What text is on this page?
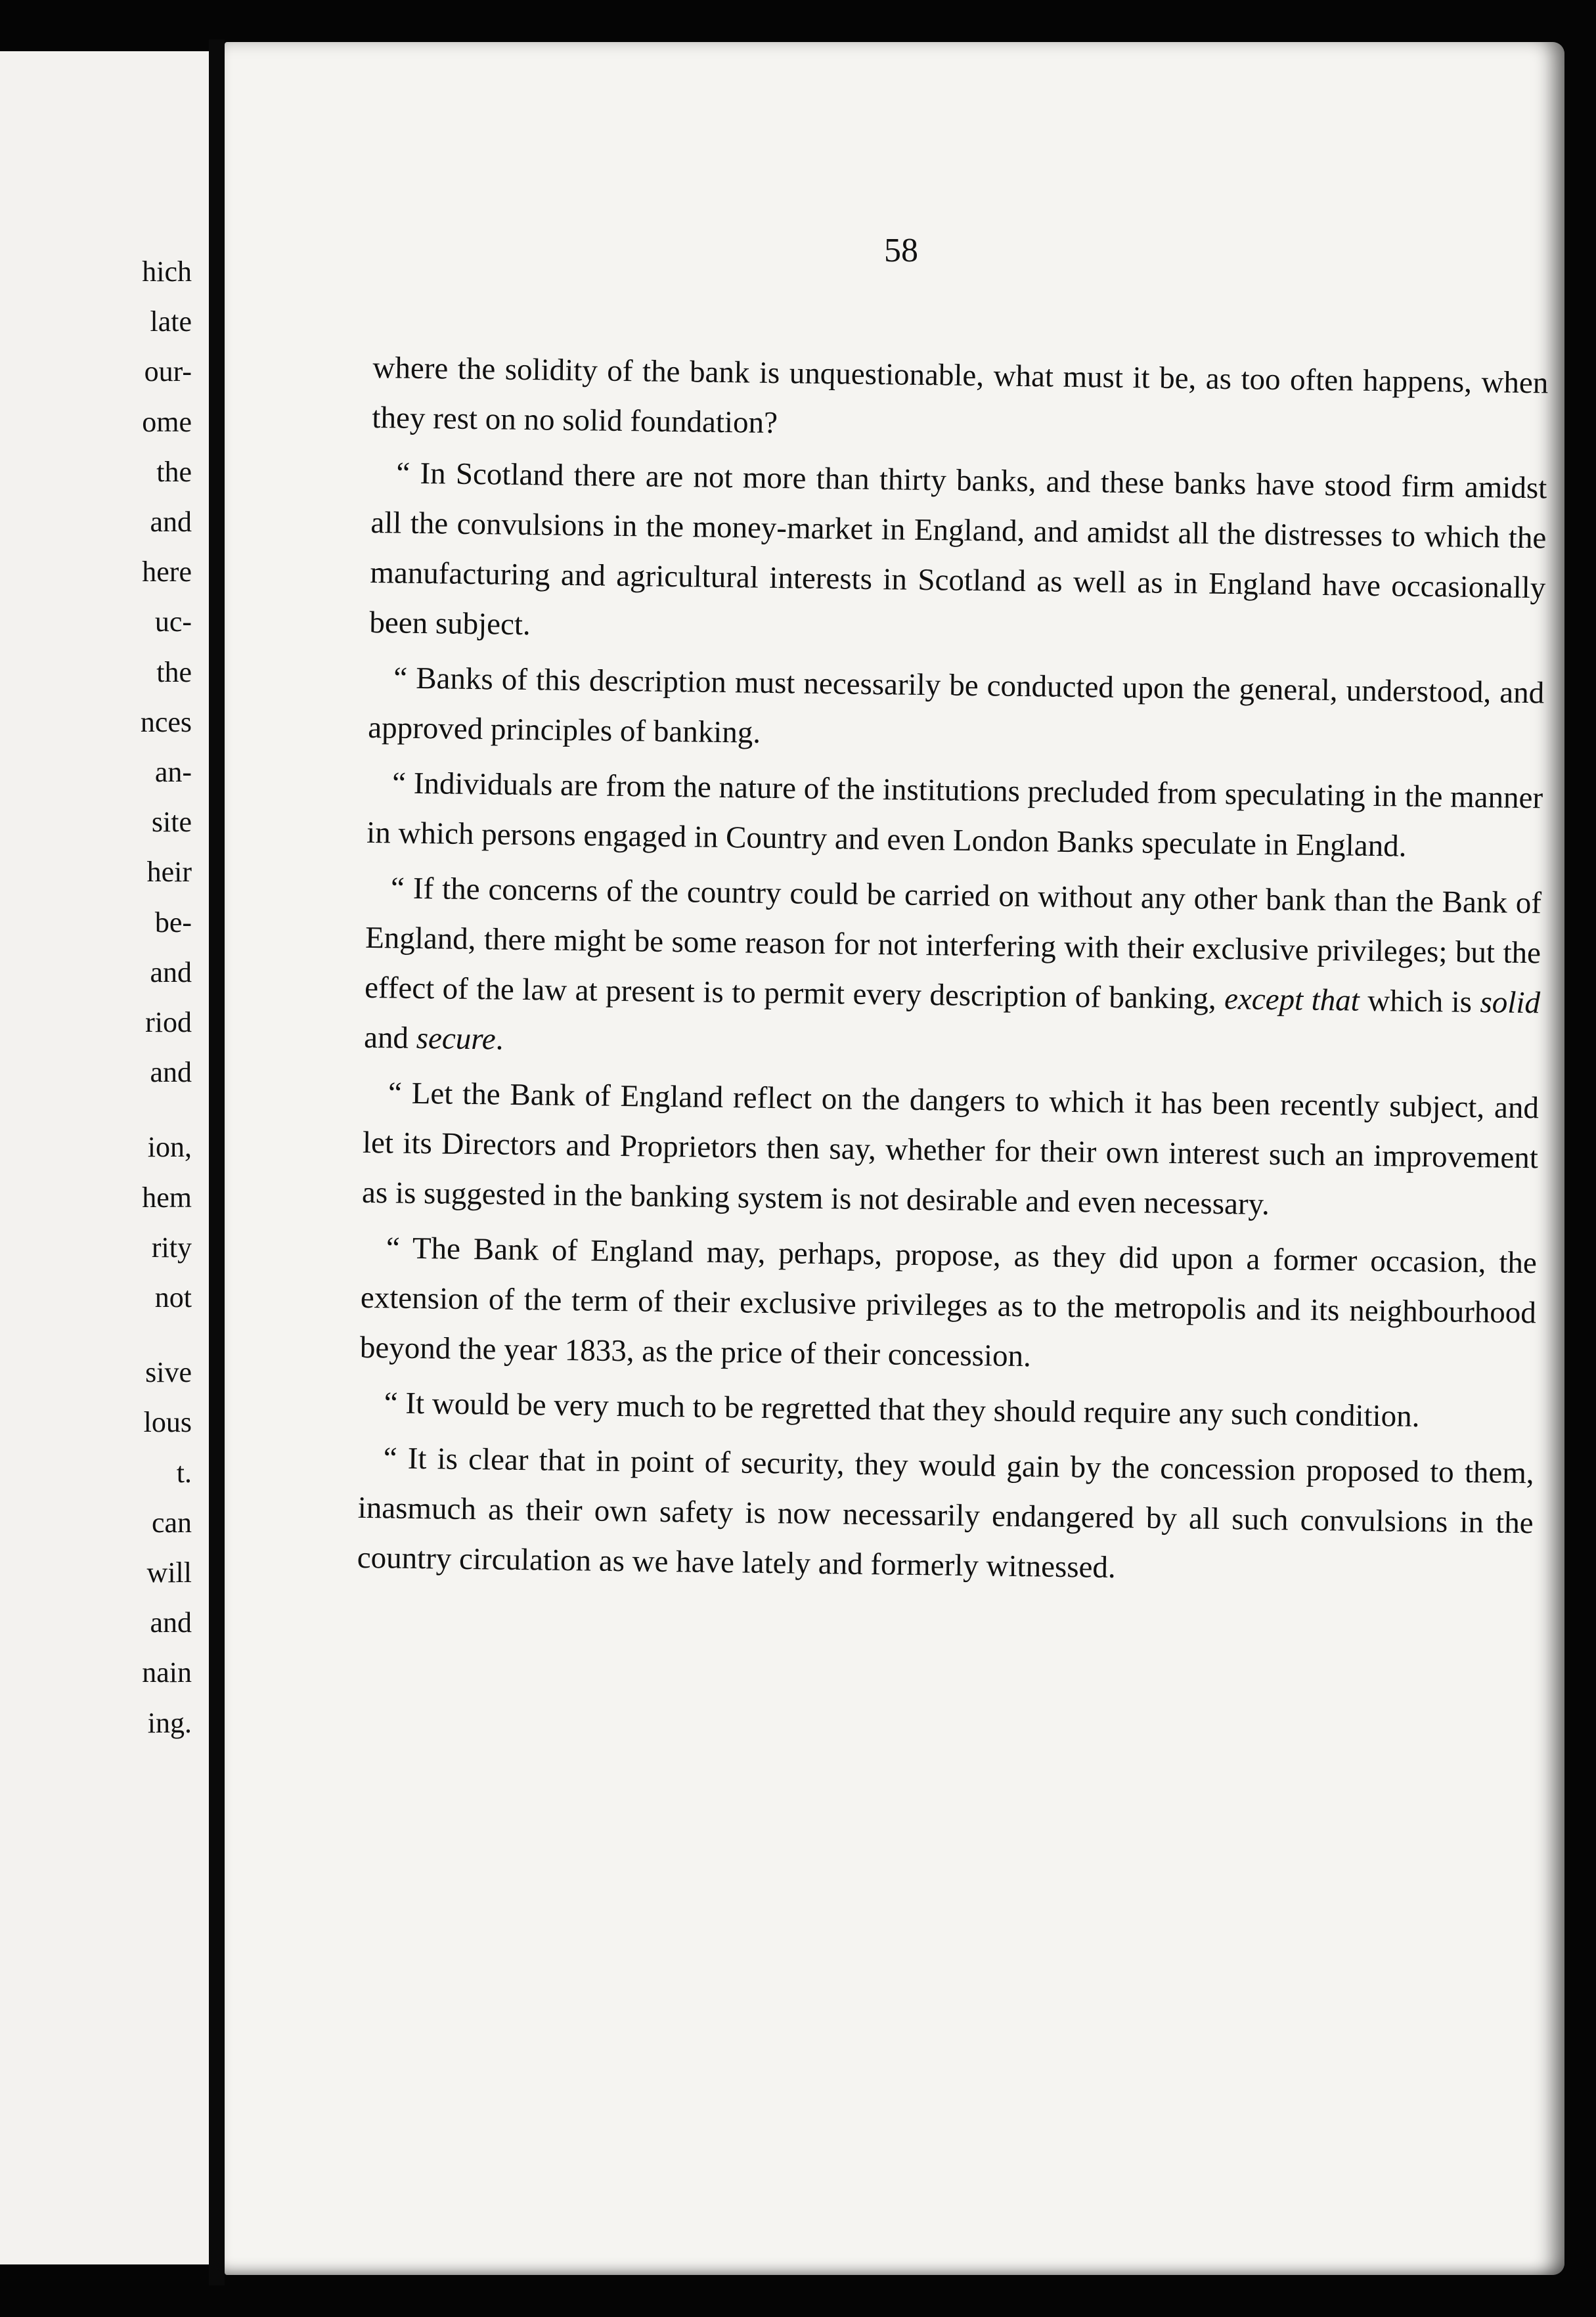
hich
late
our-
ome
the
and
here
uc-
the
nces
an-
site
heir
be-
and
riod
and
ion,
hem
rity
not
sive
lous
t.
can
will
and
nain
ing.
58

where the solidity of the bank is unquestionable, what must it be, as too often happens, when they rest on no solid foundation?

“ In Scotland there are not more than thirty banks, and these banks have stood firm amidst all the convulsions in the money-market in England, and amidst all the distresses to which the manufacturing and agricultural interests in Scotland as well as in England have occasionally been subject.

“ Banks of this description must necessarily be conducted upon the general, understood, and approved principles of banking.

“ Individuals are from the nature of the institutions precluded from speculating in the manner in which persons engaged in Country and even London Banks speculate in England.

“ If the concerns of the country could be carried on without any other bank than the Bank of England, there might be some reason for not interfering with their exclusive privileges; but the effect of the law at present is to permit every description of banking, except that which is solid and secure.

“ Let the Bank of England reflect on the dangers to which it has been recently subject, and let its Directors and Proprietors then say, whether for their own interest such an improvement as is suggested in the banking system is not desirable and even necessary.

“ The Bank of England may, perhaps, propose, as they did upon a former occasion, the extension of the term of their exclusive privileges as to the metropolis and its neighbourhood beyond the year 1833, as the price of their concession.

“ It would be very much to be regretted that they should require any such condition.

“ It is clear that in point of security, they would gain by the concession proposed to them, inasmuch as their own safety is now necessarily endangered by all such convulsions in the country circulation as we have lately and formerly witnessed.
